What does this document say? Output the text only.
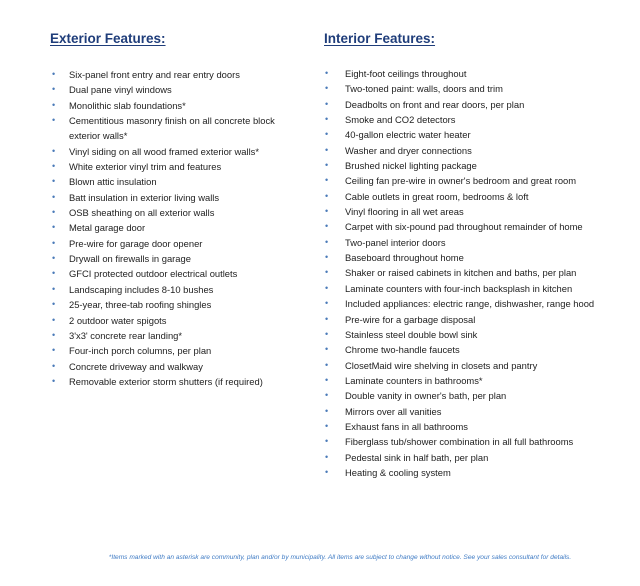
Exterior Features:
• Six-panel front entry and rear entry doors
• Dual pane vinyl windows
• Monolithic slab foundations*
• Cementitious masonry finish on all concrete block exterior walls*
• Vinyl siding on all wood framed exterior walls*
• White exterior vinyl trim and features
• Blown attic insulation
• Batt insulation in exterior living walls
• OSB sheathing on all exterior walls
• Metal garage door
• Pre-wire for garage door opener
• Drywall on firewalls in garage
• GFCI protected outdoor electrical outlets
• Landscaping includes 8-10 bushes
• 25-year, three-tab roofing shingles
• 2 outdoor water spigots
• 3'x3' concrete rear landing*
• Four-inch porch columns, per plan
• Concrete driveway and walkway
• Removable exterior storm shutters (if required)
Interior Features:
• Eight-foot ceilings throughout
• Two-toned paint: walls, doors and trim
• Deadbolts on front and rear doors, per plan
• Smoke and CO2 detectors
• 40-gallon electric water heater
• Washer and dryer connections
• Brushed nickel lighting package
• Ceiling fan pre-wire in owner's bedroom and great room
• Cable outlets in great room, bedrooms & loft
• Vinyl flooring in all wet areas
• Carpet with six-pound pad throughout remainder of home
• Two-panel interior doors
• Baseboard throughout home
• Shaker or raised cabinets in kitchen and baths, per plan
• Laminate counters with four-inch backsplash in kitchen
• Included appliances: electric range, dishwasher, range hood
• Pre-wire for a garbage disposal
• Stainless steel double bowl sink
• Chrome two-handle faucets
• ClosetMaid wire shelving in closets and pantry
• Laminate counters in bathrooms*
• Double vanity in owner's bath, per plan
• Mirrors over all vanities
• Exhaust fans in all bathrooms
• Fiberglass tub/shower combination in all full bathrooms
• Pedestal sink in half bath, per plan
• Heating & cooling system
*Items marked with an asterisk are community, plan and/or by municipality. All items are subject to change without notice. See your sales consultant for details.
